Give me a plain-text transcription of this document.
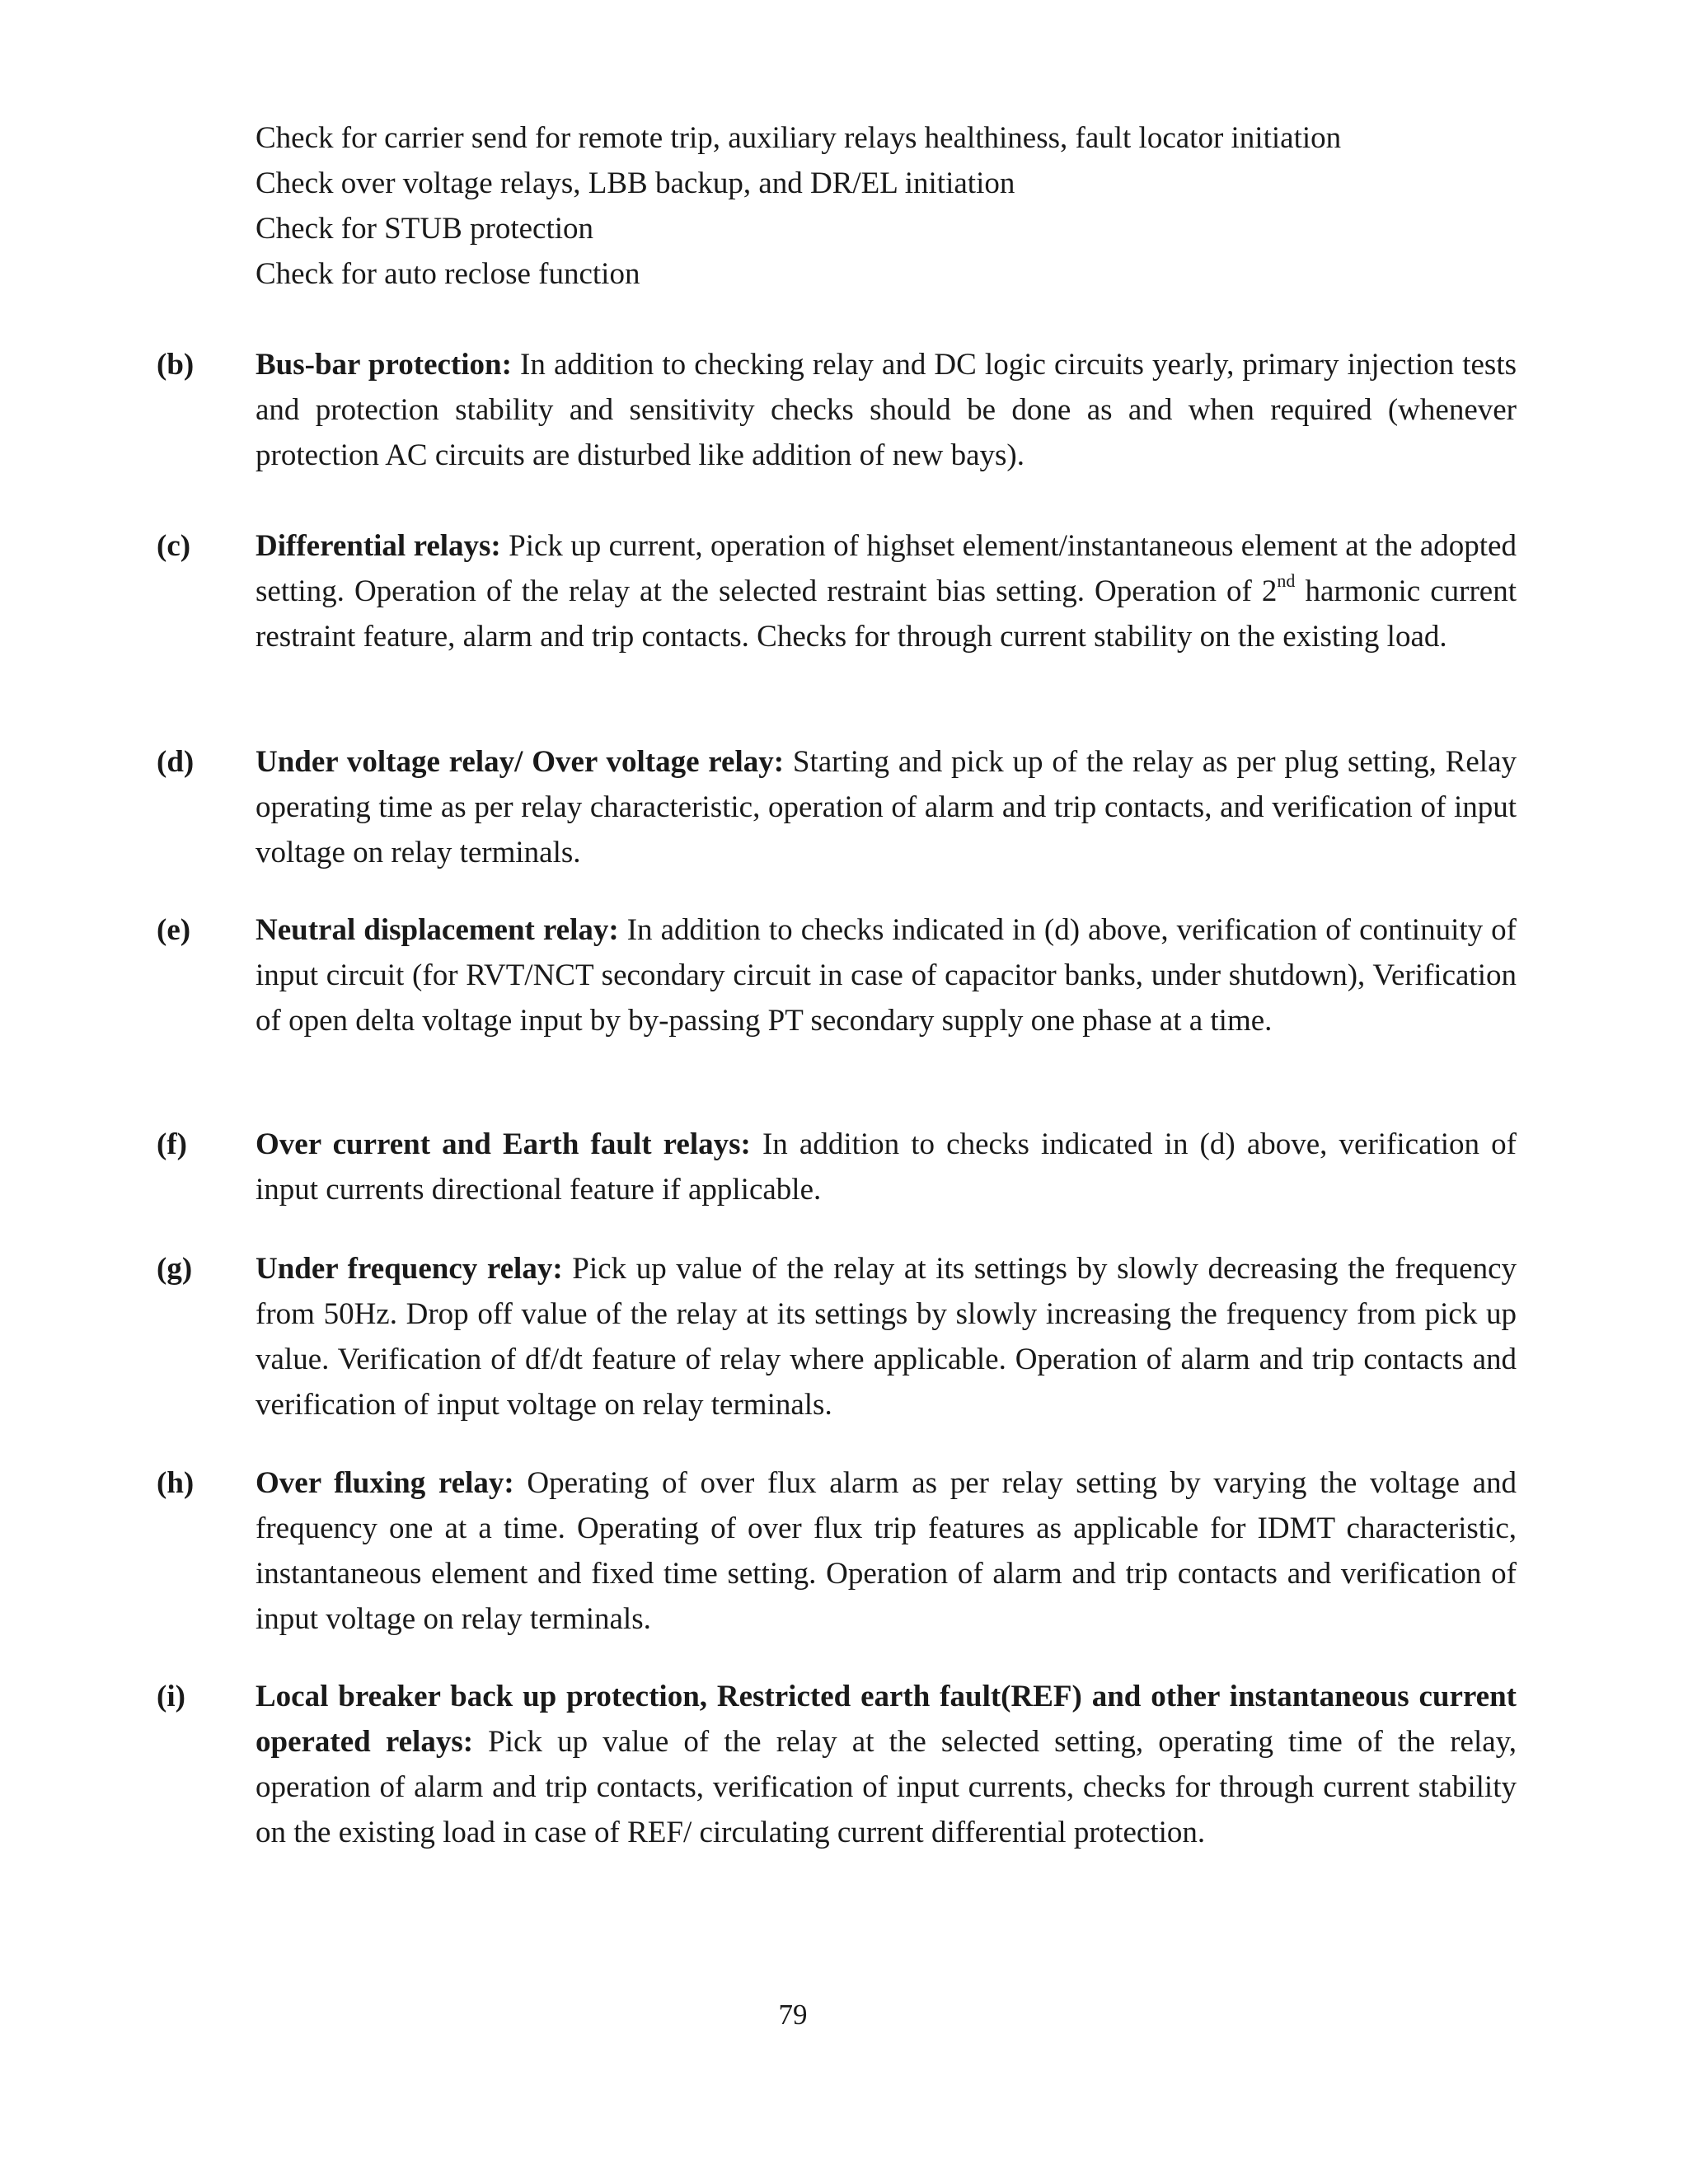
Check for carrier send for remote trip, auxiliary relays healthiness, fault locator initiation
Check over voltage relays, LBB backup, and DR/EL initiation
Check for STUB protection
Check for auto reclose function
(b) Bus-bar protection: In addition to checking relay and DC logic circuits yearly, primary injection tests and protection stability and sensitivity checks should be done as and when required (whenever protection AC circuits are disturbed like addition of new bays).
(c) Differential relays: Pick up current, operation of highset element/instantaneous element at the adopted setting. Operation of the relay at the selected restraint bias setting. Operation of 2nd harmonic current restraint feature, alarm and trip contacts. Checks for through current stability on the existing load.
(d) Under voltage relay/ Over voltage relay: Starting and pick up of the relay as per plug setting, Relay operating time as per relay characteristic, operation of alarm and trip contacts, and verification of input voltage on relay terminals.
(e) Neutral displacement relay: In addition to checks indicated in (d) above, verification of continuity of input circuit (for RVT/NCT secondary circuit in case of capacitor banks, under shutdown), Verification of open delta voltage input by by-passing PT secondary supply one phase at a time.
(f) Over current and Earth fault relays: In addition to checks indicated in (d) above, verification of input currents directional feature if applicable.
(g) Under frequency relay: Pick up value of the relay at its settings by slowly decreasing the frequency from 50Hz. Drop off value of the relay at its settings by slowly increasing the frequency from pick up value. Verification of df/dt feature of relay where applicable. Operation of alarm and trip contacts and verification of input voltage on relay terminals.
(h) Over fluxing relay: Operating of over flux alarm as per relay setting by varying the voltage and frequency one at a time. Operating of over flux trip features as applicable for IDMT characteristic, instantaneous element and fixed time setting. Operation of alarm and trip contacts and verification of input voltage on relay terminals.
(i) Local breaker back up protection, Restricted earth fault(REF) and other instantaneous current operated relays: Pick up value of the relay at the selected setting, operating time of the relay, operation of alarm and trip contacts, verification of input currents, checks for through current stability on the existing load in case of REF/ circulating current differential protection.
79
